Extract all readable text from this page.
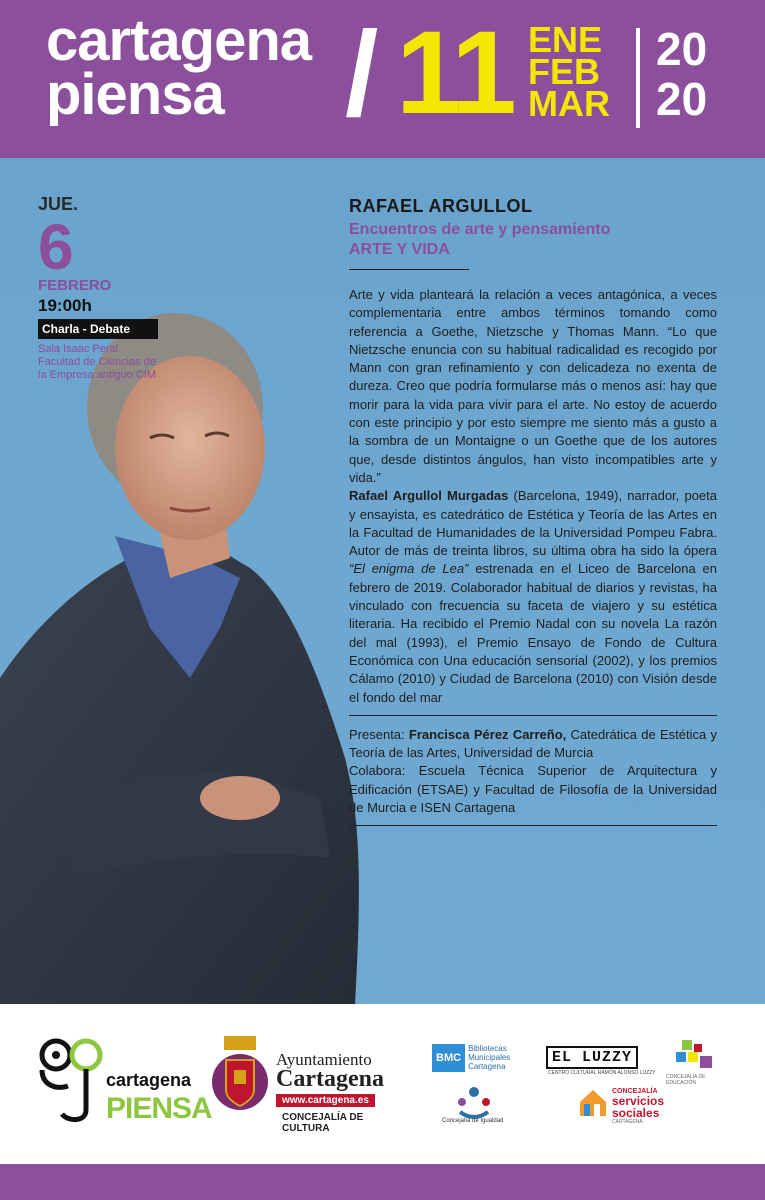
cartagena
piensa	/ 11 ENE
FEB
MAR
20
20
JUE.
6
FEBRERO
19:00h
Charla - Debate
Sala Isaac Peral Facultad de Ciencias de la Empresa antiguo CIM
RAFAEL ARGULLOL
Encuentros de arte y pensamiento
ARTE Y VIDA

Arte y vida planteará la relación a veces antagónica, a veces complementaria entre ambos términos tomando como referencia a Goethe, Nietzsche y Thomas Mann. “Lo que Nietzsche enuncia con su habitual radicalidad es recogido por Mann con gran refinamiento y con delicadeza no exenta de dureza. Creo que podría formularse más o menos así: hay que morir para la vida para vivir para el arte. No estoy de acuerdo con este principio y por esto siempre me siento más a gusto a la sombra de un Montaigne o un Goethe que de los autores que, desde distintos ángulos, han visto incompatibles arte y vida.”

Rafael Argullol Murgadas (Barcelona, 1949), narrador, poeta y ensayista, es catedrático de Estética y Teoría de las Artes en la Facultad de Humanidades de la Universidad Pompeu Fabra. Autor de más de treinta libros, su última obra ha sido la ópera “El enigma de Lea” estrenada en el Liceo de Barcelona en febrero de 2019. Colaborador habitual de diarios y revistas, ha vinculado con frecuencia su faceta de viajero y su estética literaria. Ha recibido el Premio Nadal con su novela La razón del mal (1993), el Premio Ensayo de Fondo de Cultura Económica con Una educación sensorial (2002), y los premios Cálamo (2010) y Ciudad de Barcelona (2010) con Visión desde el fondo del mar

Presenta: Francisca Pérez Carreño, Catedrática de Estética y Teoría de las Artes, Universidad de Murcia

Colabora: Escuela Técnica Superior de Arquitectura y Edificación (ETSAE) y Facultad de Filosofía de la Universidad de Murcia e ISEN Cartagena

cartagena
PIENSA
Ayuntamiento
Cartagena
www.cartagena.es
CONCEJALÍA DE CULTURA
BMCBibliotecas
Municipales
Cartagena
EL LUZZY
CENTRO CULTURAL RAMÓN ALONSO LUZZY
Concejalía de Igualdad
CONCEJALÍA
servicios
sociales
CARTAGENA
CONCEJALÍA DE EDUCACIÓN
